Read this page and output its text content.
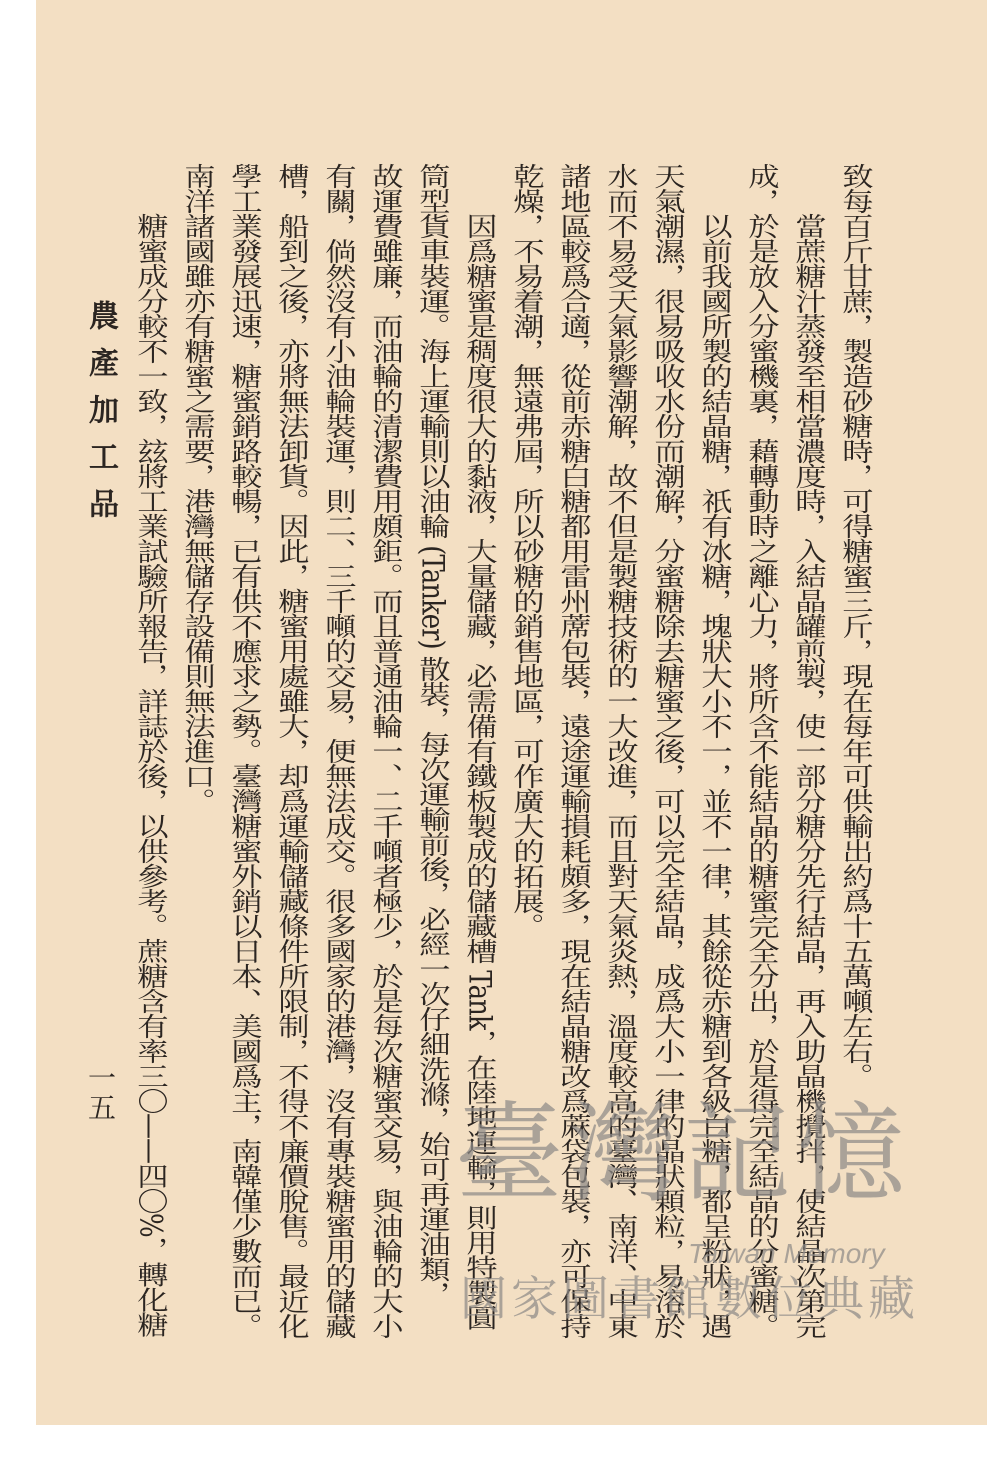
致每百斤甘蔗，製造砂糖時，可得糖蜜三斤，現在每年可供輸出約爲十五萬噸左右。
當蔗糖汁蒸發至相當濃度時，入結晶罐煎製，使一部分糖分先行結晶，再入助晶機攪拌，使結晶次第完
成，於是放入分蜜機裏，藉轉動時之離心力，將所含不能結晶的糖蜜完全分出，於是得完全結晶的分蜜糖。
以前我國所製的結晶糖，祇有冰糖，塊狀大小不一，並不一律，其餘從赤糖到各級白糖，都呈粉狀，遇
天氣潮濕，很易吸收水份而潮解，分蜜糖除去糖蜜之後，可以完全結晶，成爲大小一律的晶狀顆粒，易溶於
水而不易受天氣影響潮解，故不但是製糖技術的一大改進，而且對天氣炎熱，溫度較高的臺灣、南洋、中東
諸地區較爲合適，從前赤糖白糖都用雷州蓆包裝，遠途運輸損耗頗多，現在結晶糖改爲蔴袋包裝，亦可保持
乾燥，不易着潮，無遠弗屆，所以砂糖的銷售地區，可作廣大的拓展。
因爲糖蜜是稠度很大的黏液，大量儲藏，必需備有鐵板製成的儲藏槽 Tank，在陸地運輸，則用特製圓
筒型貨車裝運。海上運輸則以油輪 (Tanker) 散裝，每次運輸前後，必經一次仔細洗滌，始可再運油類，
故運費雖廉，而油輪的清潔費用頗鉅。而且普通油輪一、二千噸者極少，於是每次糖蜜交易，與油輪的大小
有關，倘然沒有小油輪裝運，則二、三千噸的交易，便無法成交。很多國家的港灣，沒有專裝糖蜜用的儲藏
槽，船到之後，亦將無法卸貨。因此，糖蜜用處雖大，却爲運輸儲藏條件所限制，不得不廉價脫售。最近化
學工業發展迅速，糖蜜銷路較暢，已有供不應求之勢。臺灣糖蜜外銷以日本、美國爲主，南韓僅少數而已。
南洋諸國雖亦有糖蜜之需要，港灣無儲存設備則無法進口。
糖蜜成分較不一致，玆將工業試驗所報告，詳誌於後，以供參考。蔗糖含有率三〇——四〇%，轉化糖
農產加工品
一五	臺灣記憶
Taiwan Memory
國家圖書館數位典藏
